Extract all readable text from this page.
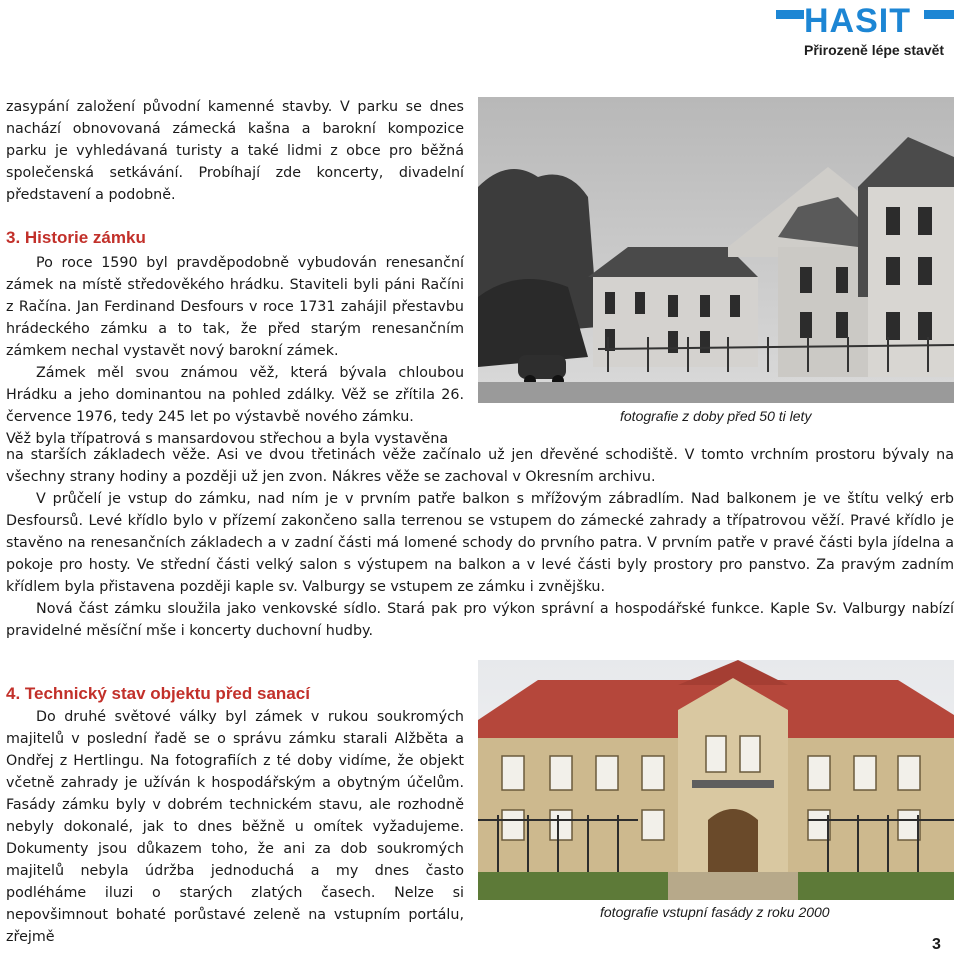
HASIT
Přirozeně lépe stavět

zasypání založení původní kamenné stavby. V parku se dnes nachází obnovovaná zámecká kašna a barokní kompozice parku je vyhledávaná turisty a také lidmi z obce pro běžná společenská setkávání. Probíhají zde koncerty, divadelní představení a podobně.

3. Historie zámku

Po roce 1590 byl pravděpodobně vybudován renesanční zámek na místě středověkého hrádku. Staviteli byli páni Račíni z Račína. Jan Ferdinand Desfours v roce 1731 zahájil přestavbu hrádeckého zámku a to tak, že před starým renesančním zámkem nechal vystavět nový barokní zámek.

Zámek měl svou známou věž, která bývala chloubou Hrádku a jeho dominantou na pohled zdálky. Věž se zřítila 26. července 1976, tedy 245 let po výstavbě nového zámku.

Věž byla třípatrová s mansardovou střechou a byla vystavěna

fotografie z doby před 50 ti lety

na starších základech věže. Asi ve dvou třetinách věže začínalo už jen dřevěné schodiště. V tomto vrchním prostoru bývaly na všechny strany hodiny a později už jen zvon. Nákres věže se zachoval v Okresním archivu.

V průčelí je vstup do zámku, nad ním je v prvním patře balkon s mřížovým zábradlím. Nad balkonem je ve štítu velký erb Desfoursů. Levé křídlo bylo v přízemí zakončeno salla terrenou se vstupem do zámecké zahrady a třípatrovou věží. Pravé křídlo je stavěno na renesančních základech a v zadní části má lomené schody do prvního patra. V prvním patře v pravé části byla jídelna a pokoje pro hosty. Ve střední části velký salon s výstupem na balkon a v levé části byly prostory pro panstvo. Za pravým zadním křídlem byla přistavena později kaple sv. Valburgy se vstupem ze zámku i zvnějšku.

Nová část zámku sloužila jako venkovské sídlo. Stará pak pro výkon správní a hospodářské funkce. Kaple Sv. Valburgy nabízí pravidelné měsíční mše i koncerty duchovní hudby.

4. Technický stav objektu před sanací

Do druhé světové války byl zámek v rukou soukromých majitelů v poslední řadě se o správu zámku starali Alžběta a Ondřej z Hertlingu. Na fotografiích z té doby vidíme, že objekt včetně zahrady je užíván k hospodářským a obytným účelům. Fasády zámku byly v dobrém technickém stavu, ale rozhodně nebyly dokonalé, jak to dnes běžně u omítek vyžadujeme. Dokumenty jsou důkazem toho, že ani za dob soukromých majitelů nebyla údržba jednoduchá a my dnes často podléháme iluzi o starých zlatých časech. Nelze si nepovšimnout bohaté porůstavé zeleně na vstupním portálu, zřejmě

fotografie vstupní fasády z roku 2000
3
